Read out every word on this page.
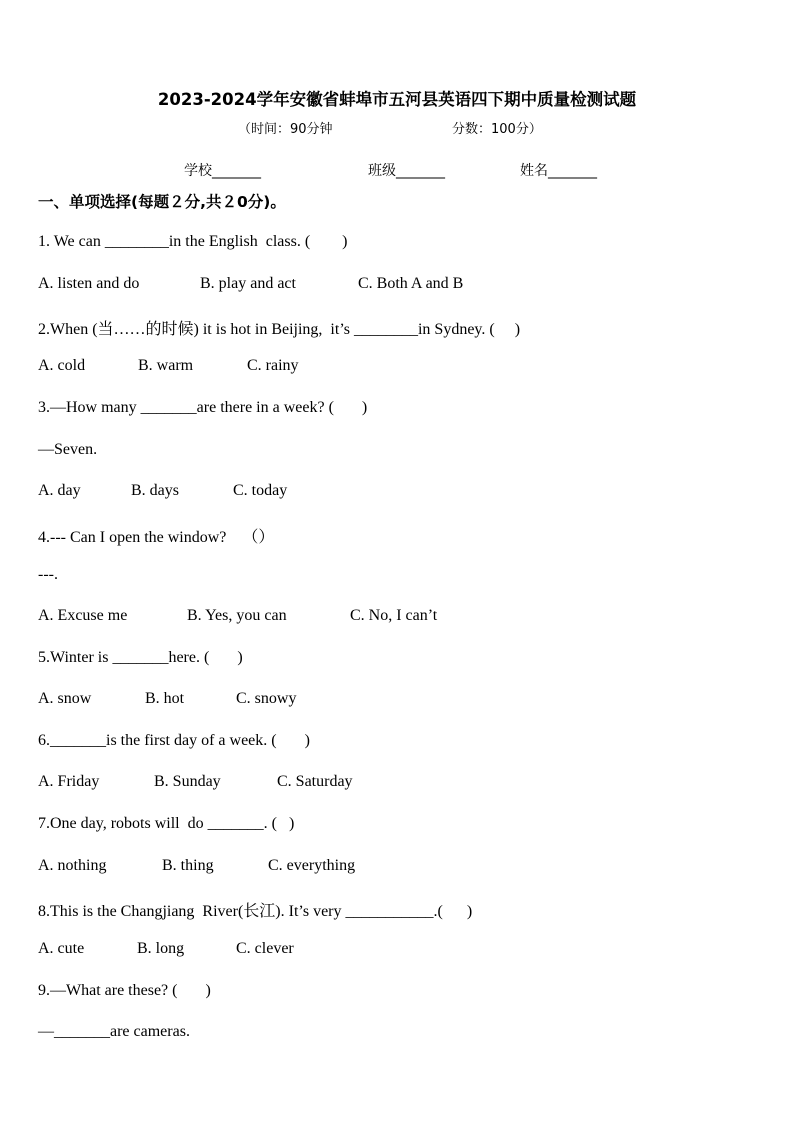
2023-2024学年安徽省蚌埠市五河县英语四下期中质量检测试题
（时间：90分钟	分数：100分）
学校_______	班级_______	姓名_______
一、单项选择(每题２分,共２0分)。
1. We can ________in the English  class. (        )
A. listen and do	B. play and act	C. Both A and B
2.When (当……的时候) it is hot in Beijing,  it’s ________in Sydney. (     )
A. cold	B. warm	C. rainy
3.—How many _______are there in a week? (       )
—Seven.
A. day	B. days	C. today
4.--- Can I open the window?    （）
---.
A. Excuse me	B. Yes, you can	C. No, I can’t
5.Winter is _______here. (       )
A. snow	B. hot	C. snowy
6._______is the first day of a week. (       )
A. Friday	B. Sunday	C. Saturday
7.One day, robots will  do _______. (   )
A. nothing	B. thing	C. everything
8.This is the Changjiang  River(长江). It’s very ___________.(      )
A. cute	B. long	C. clever
9.—What are these? (       )
—_______are cameras.
